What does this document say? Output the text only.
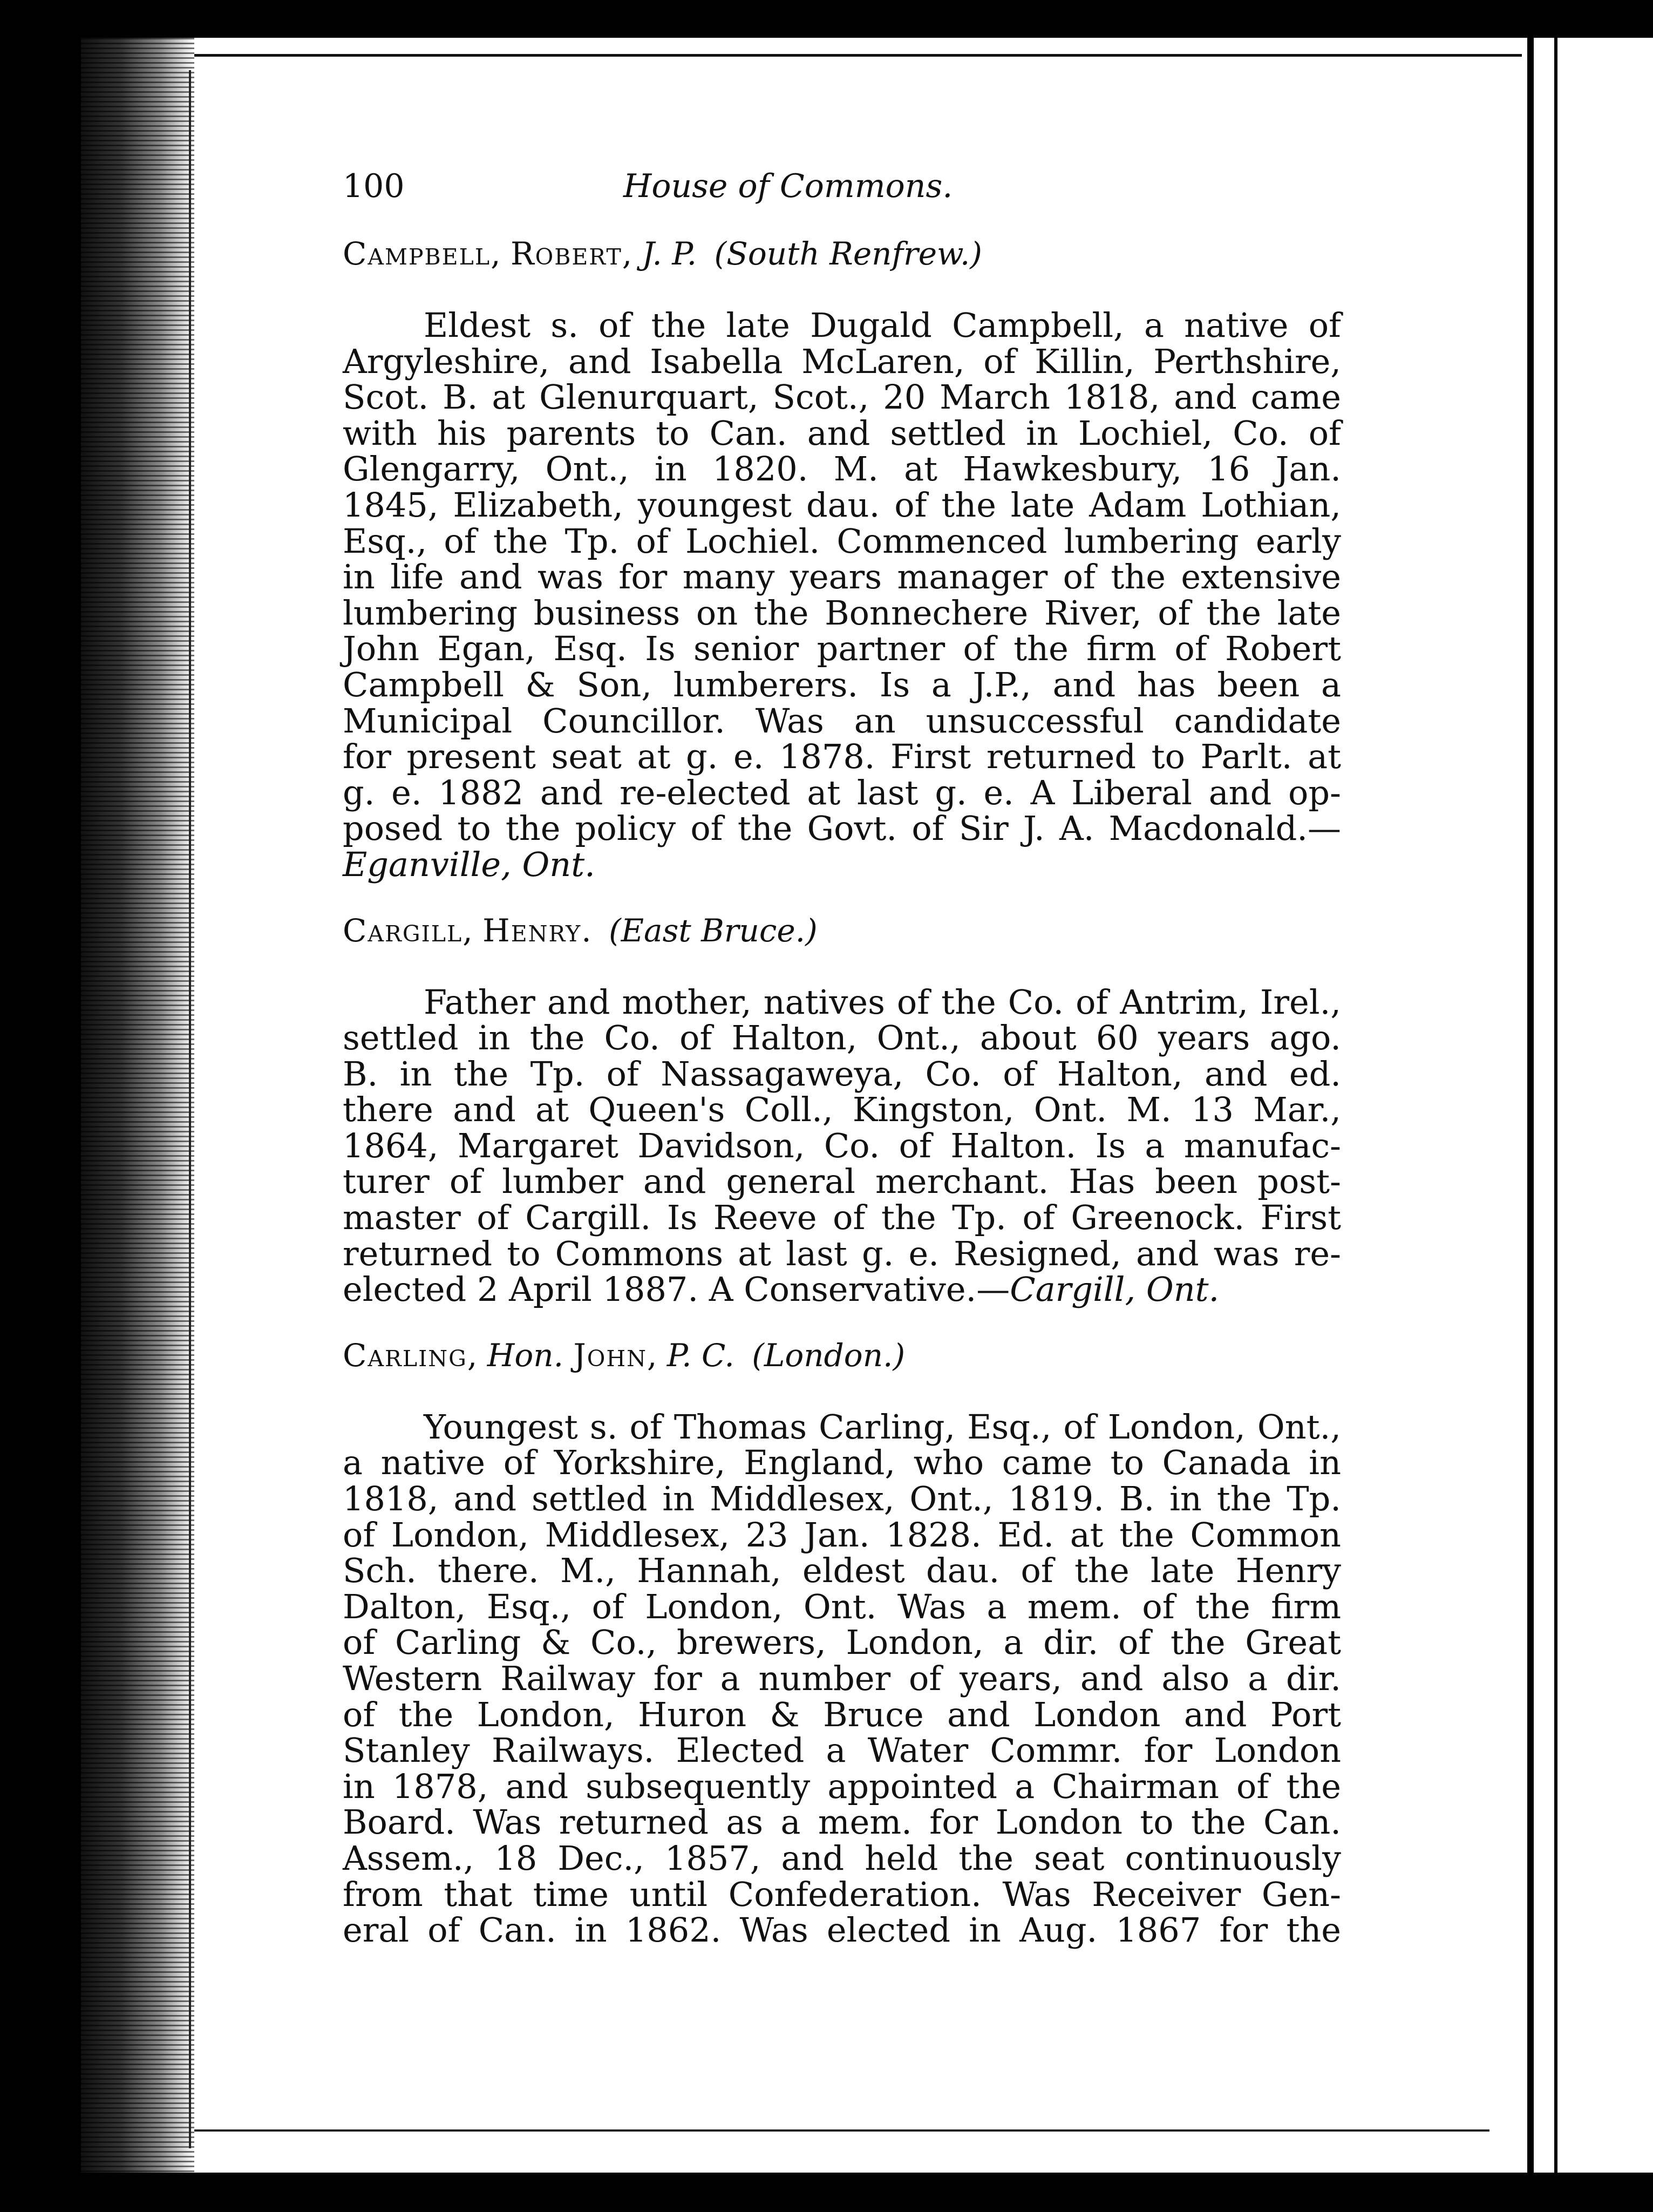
100	House of Commons.
Campbell, Robert, J. P. (South Renfrew.)
Eldest s. of the late Dugald Campbell, a native of
Argyleshire, and Isabella McLaren, of Killin, Perthshire,
Scot. B. at Glenurquart, Scot., 20 March 1818, and came
with his parents to Can. and settled in Lochiel, Co. of
Glengarry, Ont., in 1820. M. at Hawkesbury, 16 Jan.
1845, Elizabeth, youngest dau. of the late Adam Lothian,
Esq., of the Tp. of Lochiel. Commenced lumbering early
in life and was for many years manager of the extensive
lumbering business on the Bonnechere River, of the late
John Egan, Esq. Is senior partner of the firm of Robert
Campbell & Son, lumberers. Is a J.P., and has been a
Municipal Councillor. Was an unsuccessful candidate
for present seat at g. e. 1878. First returned to Parlt. at
g. e. 1882 and re-elected at last g. e. A Liberal and op-
posed to the policy of the Govt. of Sir J. A. Macdonald.—
Eganville, Ont.
Cargill, Henry. (East Bruce.)
Father and mother, natives of the Co. of Antrim, Irel.,
settled in the Co. of Halton, Ont., about 60 years ago.
B. in the Tp. of Nassagaweya, Co. of Halton, and ed.
there and at Queen's Coll., Kingston, Ont. M. 13 Mar.,
1864, Margaret Davidson, Co. of Halton. Is a manufac-
turer of lumber and general merchant. Has been post-
master of Cargill. Is Reeve of the Tp. of Greenock. First
returned to Commons at last g. e. Resigned, and was re-
elected 2 April 1887. A Conservative.—Cargill, Ont.
Carling, Hon. John, P. C. (London.)
Youngest s. of Thomas Carling, Esq., of London, Ont.,
a native of Yorkshire, England, who came to Canada in
1818, and settled in Middlesex, Ont., 1819. B. in the Tp.
of London, Middlesex, 23 Jan. 1828. Ed. at the Common
Sch. there. M., Hannah, eldest dau. of the late Henry
Dalton, Esq., of London, Ont. Was a mem. of the firm
of Carling & Co., brewers, London, a dir. of the Great
Western Railway for a number of years, and also a dir.
of the London, Huron & Bruce and London and Port
Stanley Railways. Elected a Water Commr. for London
in 1878, and subsequently appointed a Chairman of the
Board. Was returned as a mem. for London to the Can.
Assem., 18 Dec., 1857, and held the seat continuously
from that time until Confederation. Was Receiver Gen-
eral of Can. in 1862. Was elected in Aug. 1867 for the
